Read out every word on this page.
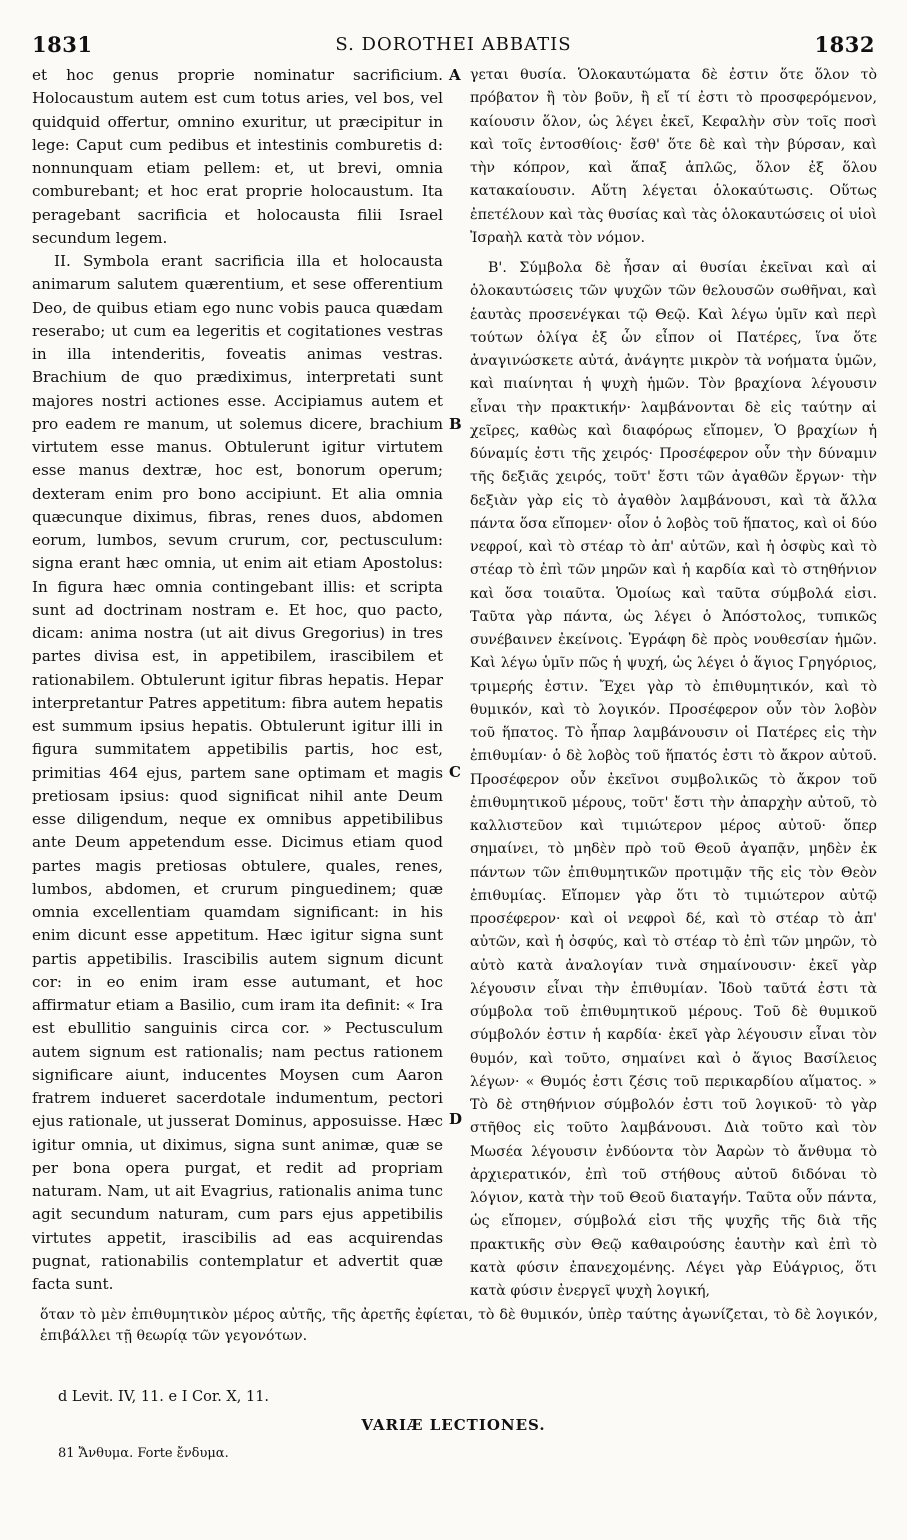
1831	S. DOROTHEI ABBATIS	1832

et hoc genus proprie nominatur sacrificium. Holocaustum autem est cum totus aries, vel bos, vel quidquid offertur, omnino exuritur, ut præcipitur in lege: Caput cum pedibus et intestinis comburetis d: nonnunquam etiam pellem: et, ut brevi, omnia comburebant; et hoc erat proprie holocaustum. Ita peragebant sacrificia et holocausta filii Israel secundum legem.

II. Symbola erant sacrificia illa et holocausta animarum salutem quærentium, et sese offerentium Deo, de quibus etiam ego nunc vobis pauca quædam reserabo; ut cum ea legeritis et cogitationes vestras in illa intenderitis, foveatis animas vestras. Brachium de quo prædiximus, interpretati sunt majores nostri actiones esse. Accipiamus autem et pro eadem re manum, ut solemus dicere, brachium virtutem esse manus. Obtulerunt igitur virtutem esse manus dextræ, hoc est, bonorum operum; dexteram enim pro bono accipiunt. Et alia omnia quæcunque diximus, fibras, renes duos, abdomen eorum, lumbos, sevum crurum, cor, pectusculum: signa erant hæc omnia, ut enim ait etiam Apostolus: In figura hæc omnia contingebant illis: et scripta sunt ad doctrinam nostram e. Et hoc, quo pacto, dicam: anima nostra (ut ait divus Gregorius) in tres partes divisa est, in appetibilem, irascibilem et rationabilem. Obtulerunt igitur fibras hepatis. Hepar interpretantur Patres appetitum: fibra autem hepatis est summum ipsius hepatis. Obtulerunt igitur illi in figura summitatem appetibilis partis, hoc est, primitias 464 ejus, partem sane optimam et magis pretiosam ipsius: quod significat nihil ante Deum esse diligendum, neque ex omnibus appetibilibus ante Deum appetendum esse. Dicimus etiam quod partes magis pretiosas obtulere, quales, renes, lumbos, abdomen, et crurum pinguedinem; quæ omnia excellentiam quamdam significant: in his enim dicunt esse appetitum. Hæc igitur signa sunt partis appetibilis. Irascibilis autem signum dicunt cor: in eo enim iram esse autumant, et hoc affirmatur etiam a Basilio, cum iram ita definit: « Ira est ebullitio sanguinis circa cor. » Pectusculum autem signum est rationalis; nam pectus rationem significare aiunt, inducentes Moysen cum Aaron fratrem indueret sacerdotale indumentum, pectori ejus rationale, ut jusserat Dominus, apposuisse. Hæc igitur omnia, ut diximus, signa sunt animæ, quæ se per bona opera purgat, et redit ad propriam naturam. Nam, ut ait Evagrius, rationalis anima tunc agit secundum naturam, cum pars ejus appetibilis virtutes appetit, irascibilis ad eas acquirendas pugnat, rationabilis contemplatur et advertit quæ facta sunt.

A
B
C
D

γεται θυσία. Ὁλοκαυτώματα δὲ ἐστιν ὅτε ὅλον τὸ πρόβατον ἢ τὸν βοῦν, ἢ εἴ τί ἐστι τὸ προσφερόμενον, καίουσιν ὅλον, ὡς λέγει ἐκεῖ, Κεφαλὴν σὺν τοῖς ποσὶ καὶ τοῖς ἐντοσθίοις· ἔσθ' ὅτε δὲ καὶ τὴν βύρσαν, καὶ τὴν κόπρον, καὶ ἅπαξ ἁπλῶς, ὅλον ἐξ ὅλου κατακαίουσιν. Αὕτη λέγεται ὁλοκαύτωσις. Οὕτως ἐπετέλουν καὶ τὰς θυσίας καὶ τὰς ὁλοκαυτώσεις οἱ υἱοὶ Ἰσραὴλ κατὰ τὸν νόμον.

Β'. Σύμβολα δὲ ἦσαν αἱ θυσίαι ἐκεῖναι καὶ αἱ ὁλοκαυτώσεις τῶν ψυχῶν τῶν θελουσῶν σωθῆναι, καὶ ἑαυτὰς προσενέγκαι τῷ Θεῷ. Καὶ λέγω ὑμῖν καὶ περὶ τούτων ὀλίγα ἐξ ὧν εἶπον οἱ Πατέρες, ἵνα ὅτε ἀναγινώσκετε αὐτά, ἀνάγητε μικρὸν τὰ νοήματα ὑμῶν, καὶ πιαίνηται ἡ ψυχὴ ἡμῶν. Τὸν βραχίονα λέγουσιν εἶναι τὴν πρακτικήν· λαμβάνονται δὲ εἰς ταύτην αἱ χεῖρες, καθὼς καὶ διαφόρως εἴπομεν, Ὁ βραχίων ἡ δύναμίς ἐστι τῆς χειρός· Προσέφερον οὖν τὴν δύναμιν τῆς δεξιᾶς χειρός, τοῦτ' ἔστι τῶν ἀγαθῶν ἔργων· τὴν δεξιὰν γὰρ εἰς τὸ ἀγαθὸν λαμβάνουσι, καὶ τὰ ἄλλα πάντα ὅσα εἴπομεν· οἷον ὁ λοβὸς τοῦ ἥπατος, καὶ οἱ δύο νεφροί, καὶ τὸ στέαρ τὸ ἀπ' αὐτῶν, καὶ ἡ ὀσφὺς καὶ τὸ στέαρ τὸ ἐπὶ τῶν μηρῶν καὶ ἡ καρδία καὶ τὸ στηθήνιον καὶ ὅσα τοιαῦτα. Ὁμοίως καὶ ταῦτα σύμβολά εἰσι. Ταῦτα γὰρ πάντα, ὡς λέγει ὁ Ἀπόστολος, τυπικῶς συνέβαινεν ἐκείνοις. Ἐγράφη δὲ πρὸς νουθεσίαν ἡμῶν. Καὶ λέγω ὑμῖν πῶς ἡ ψυχή, ὡς λέγει ὁ ἅγιος Γρηγόριος, τριμερής ἐστιν. Ἔχει γὰρ τὸ ἐπιθυμητικόν, καὶ τὸ θυμικόν, καὶ τὸ λογικόν. Προσέφερον οὖν τὸν λοβὸν τοῦ ἥπατος. Τὸ ἧπαρ λαμβάνουσιν οἱ Πατέρες εἰς τὴν ἐπιθυμίαν· ὁ δὲ λοβὸς τοῦ ἥπατός ἐστι τὸ ἄκρον αὐτοῦ. Προσέφερον οὖν ἐκεῖνοι συμβολικῶς τὸ ἄκρον τοῦ ἐπιθυμητικοῦ μέρους, τοῦτ' ἔστι τὴν ἀπαρχὴν αὐτοῦ, τὸ καλλιστεῦον καὶ τιμιώτερον μέρος αὐτοῦ· ὅπερ σημαίνει, τὸ μηδὲν πρὸ τοῦ Θεοῦ ἀγαπᾷν, μηδὲν ἐκ πάντων τῶν ἐπιθυμητικῶν προτιμᾷν τῆς εἰς τὸν Θεὸν ἐπιθυμίας. Εἴπομεν γὰρ ὅτι τὸ τιμιώτερον αὐτῷ προσέφερον· καὶ οἱ νεφροὶ δέ, καὶ τὸ στέαρ τὸ ἀπ' αὐτῶν, καὶ ἡ ὀσφύς, καὶ τὸ στέαρ τὸ ἐπὶ τῶν μηρῶν, τὸ αὐτὸ κατὰ ἀναλογίαν τινὰ σημαίνουσιν· ἐκεῖ γὰρ λέγουσιν εἶναι τὴν ἐπιθυμίαν. Ἰδοὺ ταῦτά ἐστι τὰ σύμβολα τοῦ ἐπιθυμητικοῦ μέρους. Τοῦ δὲ θυμικοῦ σύμβολόν ἐστιν ἡ καρδία· ἐκεῖ γὰρ λέγουσιν εἶναι τὸν θυμόν, καὶ τοῦτο, σημαίνει καὶ ὁ ἅγιος Βασίλειος λέγων· « Θυμός ἐστι ζέσις τοῦ περικαρδίου αἵματος. » Τὸ δὲ στηθήνιον σύμβολόν ἐστι τοῦ λογικοῦ· τὸ γὰρ στῆθος εἰς τοῦτο λαμβάνουσι. Διὰ τοῦτο καὶ τὸν Μωσέα λέγουσιν ἐνδύοντα τὸν Ἀαρὼν τὸ ἄνθυμα τὸ ἀρχιερατικόν, ἐπὶ τοῦ στήθους αὐτοῦ διδόναι τὸ λόγιον, κατὰ τὴν τοῦ Θεοῦ διαταγήν. Ταῦτα οὖν πάντα, ὡς εἴπομεν, σύμβολά εἰσι τῆς ψυχῆς τῆς διὰ τῆς πρακτικῆς σὺν Θεῷ καθαιρούσης ἑαυτὴν καὶ ἐπὶ τὸ κατὰ φύσιν ἐπανεχομένης. Λέγει γὰρ Εὐάγριος, ὅτι κατὰ φύσιν ἐνεργεῖ ψυχὴ λογική,

ὅταν τὸ μὲν ἐπιθυμητικὸν μέρος αὐτῆς, τῆς ἀρετῆς ἐφίεται, τὸ δὲ θυμικόν, ὑπὲρ ταύτης ἀγωνίζεται, τὸ δὲ λογικόν, ἐπιβάλλει τῇ θεωρίᾳ τῶν γεγονότων.
d Levit. IV, 11. e I Cor. X, 11.
VARIÆ LECTIONES.
81 Ἄνθυμα. Forte ἔνδυμα.
